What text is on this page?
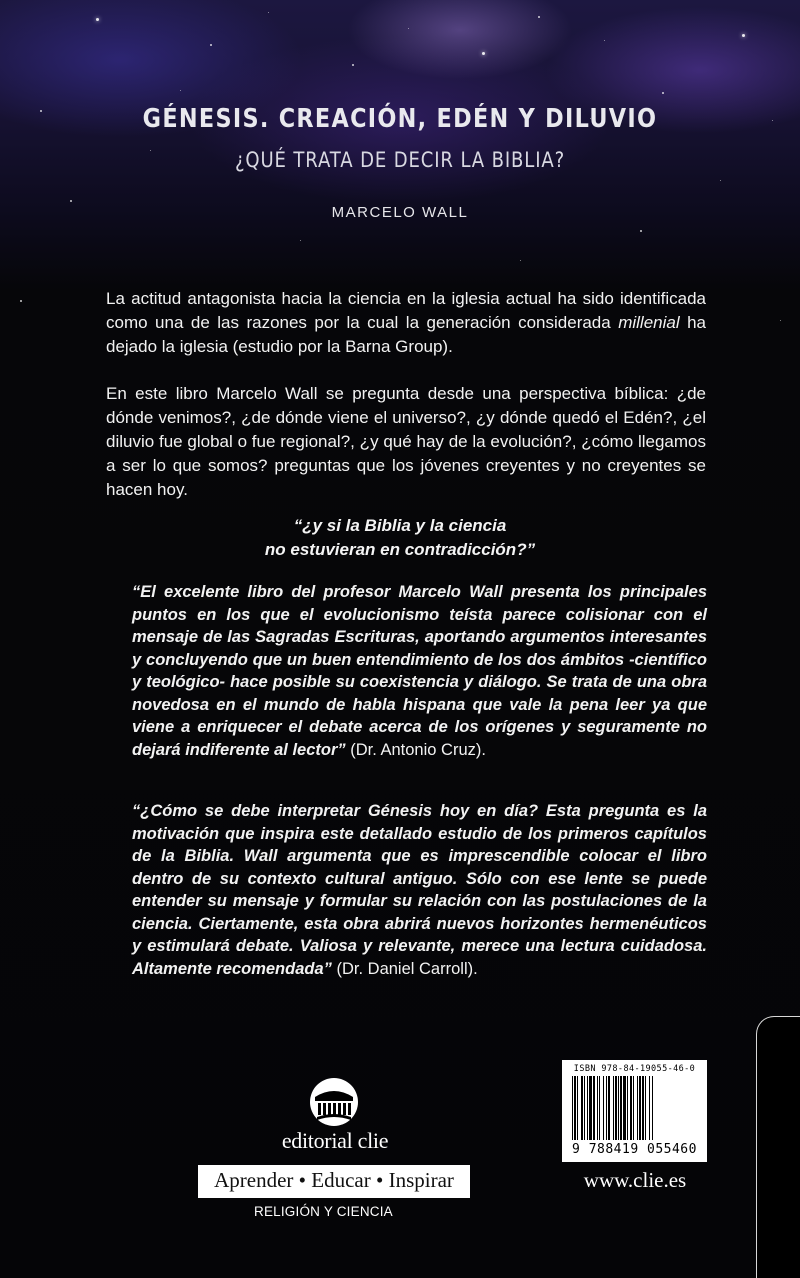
GÉNESIS. CREACIÓN, EDÉN Y DILUVIO
¿QUÉ TRATA DE DECIR LA BIBLIA?
MARCELO WALL

La actitud antagonista hacia la ciencia en la iglesia actual ha sido identificada como una de las razones por la cual la generación considerada millenial ha dejado la iglesia (estudio por la Barna Group).

En este libro Marcelo Wall se pregunta desde una perspectiva bíblica: ¿de dónde venimos?, ¿de dónde viene el universo?, ¿y dónde quedó el Edén?, ¿el diluvio fue global o fue regional?, ¿y qué hay de la evolución?, ¿cómo llegamos a ser lo que somos? preguntas que los jóvenes creyentes y no creyentes se hacen hoy.

“¿y si la Biblia y la ciencia
no estuvieran en contradicción?”

“El excelente libro del profesor Marcelo Wall presenta los principales puntos en los que el evolucionismo teísta parece colisionar con el mensaje de las Sagradas Escrituras, aportando argumentos interesantes y concluyendo que un buen entendimiento de los dos ámbitos -científico y teológico- hace posible su coexistencia y diálogo. Se trata de una obra novedosa en el mundo de habla hispana que vale la pena leer ya que viene a enriquecer el debate acerca de los orígenes y seguramente no dejará indiferente al lector” (Dr. Antonio Cruz).

“¿Cómo se debe interpretar Génesis hoy en día? Esta pregunta es la motivación que inspira este detallado estudio de los primeros capítulos de la Biblia. Wall argumenta que es imprescendible colocar el libro dentro de su contexto cultural antiguo. Sólo con ese lente se puede entender su mensaje y formular su relación con las postulaciones de la ciencia. Ciertamente, esta obra abrirá nuevos horizontes hermenéuticos y estimulará debate. Valiosa y relevante, merece una lectura cuidadosa. Altamente recomendada” (Dr. Daniel Carroll).

ISBN 978-84-19055-46-0
9 788419 055460
editorial clie
Aprender • Educar • Inspirar	www.clie.es
RELIGIÓN Y CIENCIA
